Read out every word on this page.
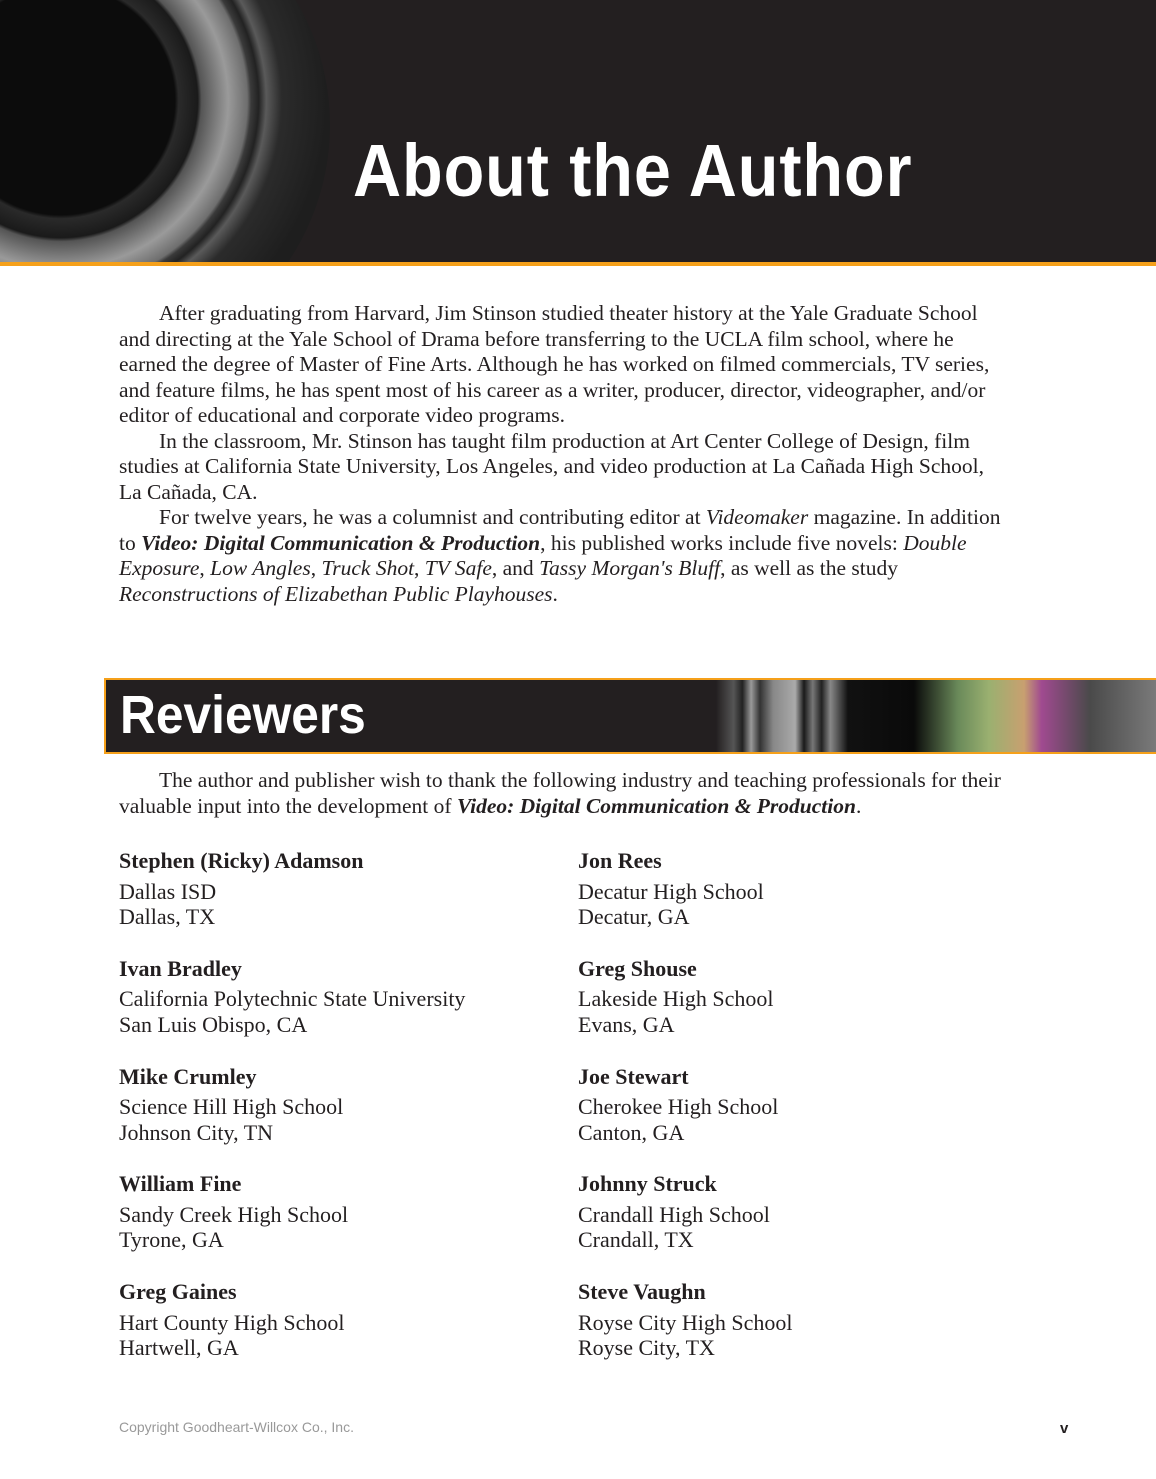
About the Author

After graduating from Harvard, Jim Stinson studied theater history at the Yale Graduate School and directing at the Yale School of Drama before transferring to the UCLA film school, where he earned the degree of Master of Fine Arts. Although he has worked on filmed commercials, TV series, and feature films, he has spent most of his career as a writer, producer, director, videographer, and/or editor of educational and corporate video programs.

In the classroom, Mr. Stinson has taught film production at Art Center College of Design, film studies at California State University, Los Angeles, and video production at La Cañada High School, La Cañada, CA.

For twelve years, he was a columnist and contributing editor at Videomaker magazine. In addition to Video: Digital Communication & Production, his published works include five novels: Double Exposure, Low Angles, Truck Shot, TV Safe, and Tassy Morgan's Bluff, as well as the study Reconstructions of Elizabethan Public Playhouses.

Reviewers

The author and publisher wish to thank the following industry and teaching professionals for their valuable input into the development of Video: Digital Communication & Production.

Stephen (Ricky) Adamson
Dallas ISD
Dallas, TX
Ivan Bradley
California Polytechnic State University
San Luis Obispo, CA
Mike Crumley
Science Hill High School
Johnson City, TN
William Fine
Sandy Creek High School
Tyrone, GA
Greg Gaines
Hart County High School
Hartwell, GA
Jon Rees
Decatur High School
Decatur, GA
Greg Shouse
Lakeside High School
Evans, GA
Joe Stewart
Cherokee High School
Canton, GA
Johnny Struck
Crandall High School
Crandall, TX
Steve Vaughn
Royse City High School
Royse City, TX
Copyright Goodheart-Willcox Co., Inc.	v
